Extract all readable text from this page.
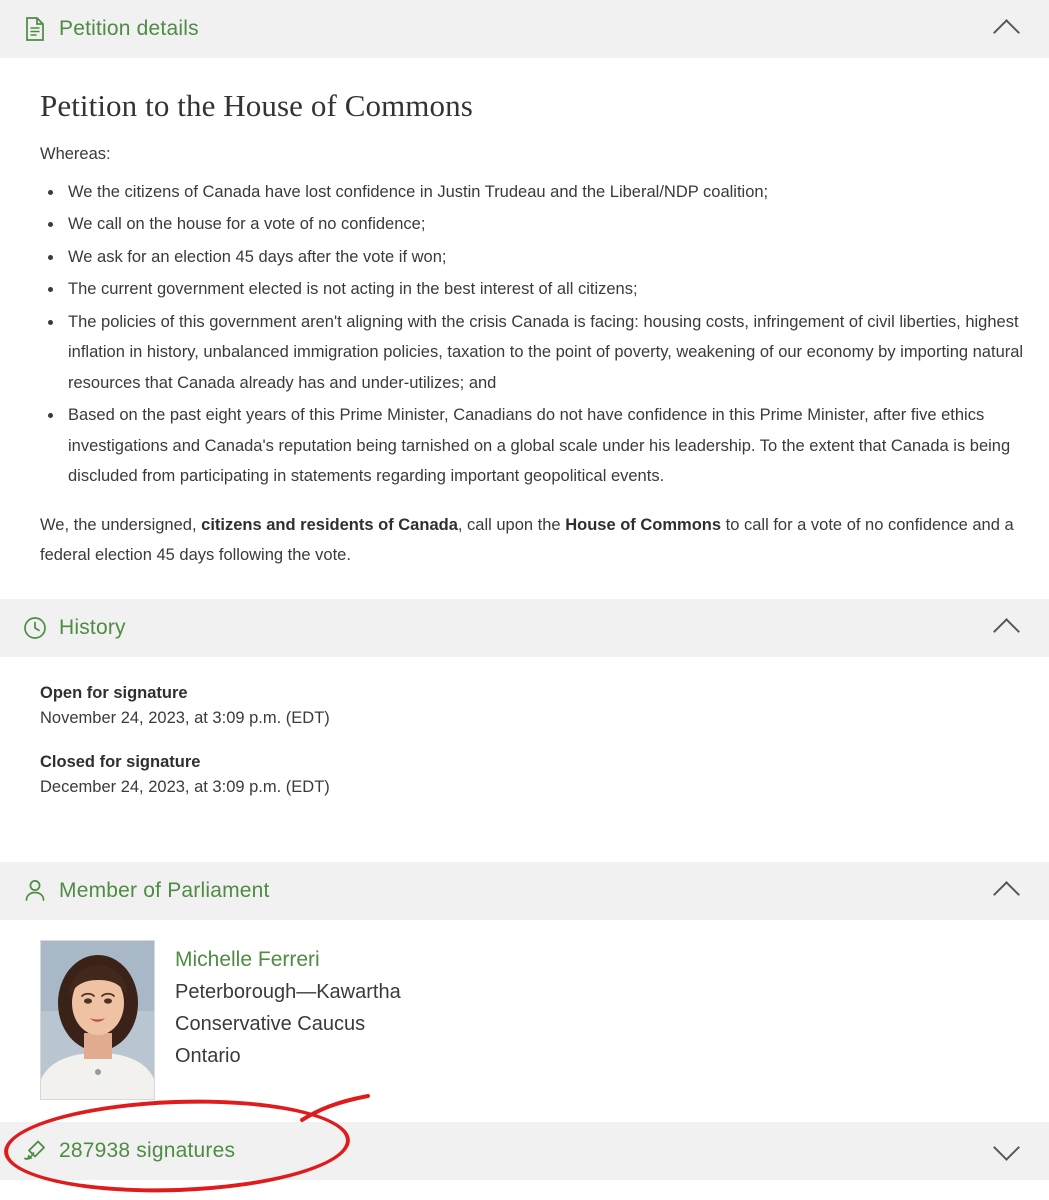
Petition details
Petition to the House of Commons

Whereas:

• We the citizens of Canada have lost confidence in Justin Trudeau and the Liberal/NDP coalition;
• We call on the house for a vote of no confidence;
• We ask for an election 45 days after the vote if won;
• The current government elected is not acting in the best interest of all citizens;
• The policies of this government aren't aligning with the crisis Canada is facing: housing costs, infringement of civil liberties, highest inflation in history, unbalanced immigration policies, taxation to the point of poverty, weakening of our economy by importing natural resources that Canada already has and under-utilizes; and
• Based on the past eight years of this Prime Minister, Canadians do not have confidence in this Prime Minister, after five ethics investigations and Canada's reputation being tarnished on a global scale under his leadership. To the extent that Canada is being discluded from participating in statements regarding important geopolitical events.

We, the undersigned, citizens and residents of Canada, call upon the House of Commons to call for a vote of no confidence and a federal election 45 days following the vote.

History
Open for signature
November 24, 2023, at 3:09 p.m. (EDT)
Closed for signature
December 24, 2023, at 3:09 p.m. (EDT)
Member of Parliament
Michelle Ferreri
Peterborough—Kawartha
Conservative Caucus
Ontario
287938 signatures
